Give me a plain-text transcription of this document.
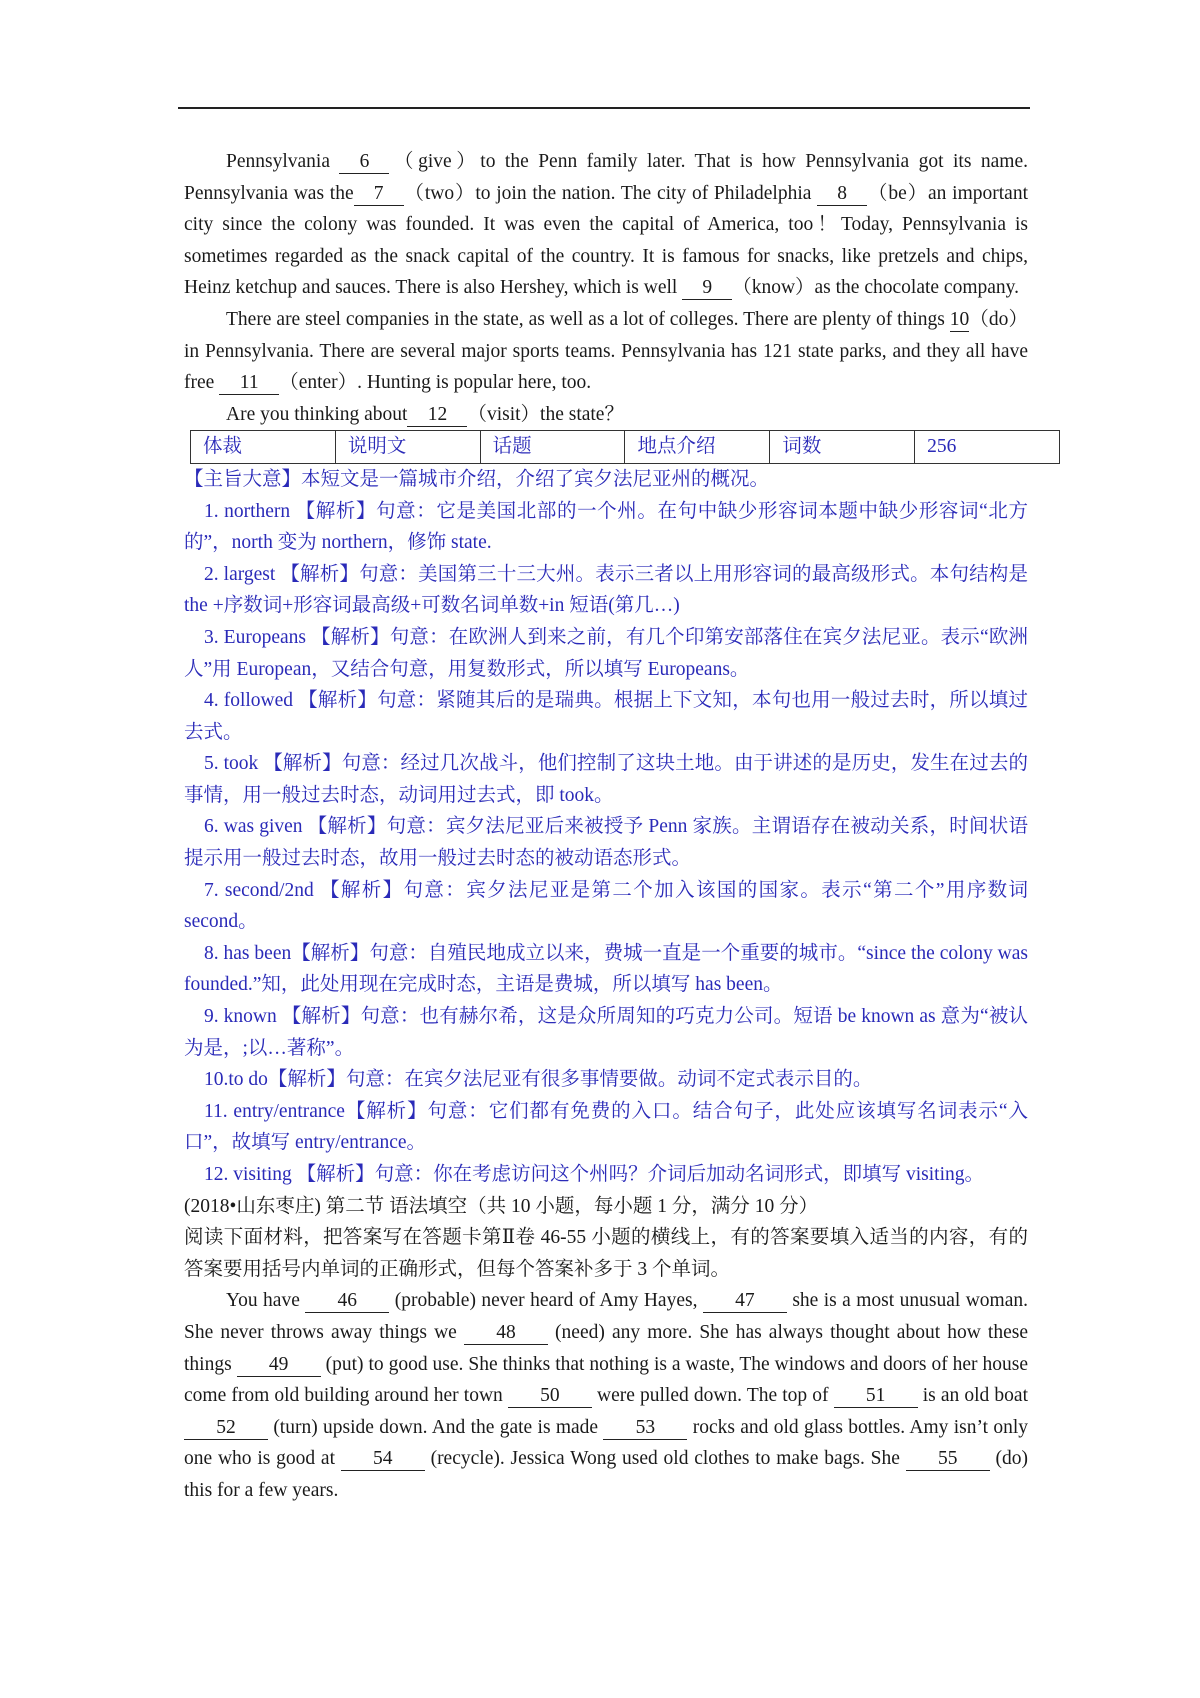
Pennsylvania 6 （give）to the Penn family later. That is how Pennsylvania got its name. Pennsylvania was the 7 （two）to join the nation. The city of Philadelphia 8 （be）an important city since the colony was founded. It was even the capital of America, too！Today, Pennsylvania is sometimes regarded as the snack capital of the country. It is famous for snacks, like pretzels and chips, Heinz ketchup and sauces. There is also Hershey, which is well 9 （know）as the chocolate company.

There are steel companies in the state, as well as a lot of colleges. There are plenty of things 10（do）in Pennsylvania. There are several major sports teams. Pennsylvania has 121 state parks, and they all have free 11 （enter）. Hunting is popular here, too.

Are you thinking about 12 （visit）the state？

体裁	说明文	话题	地点介绍	词数	256

【主旨大意】本短文是一篇城市介绍，介绍了宾夕法尼亚州的概况。

1. northern 【解析】句意：它是美国北部的一个州。在句中缺少形容词本题中缺少形容词“北方的”，north 变为 northern，修饰 state.

2. largest 【解析】句意：美国第三十三大州。表示三者以上用形容词的最高级形式。本句结构是 the +序数词+形容词最高级+可数名词单数+in 短语(第几…)

3. Europeans 【解析】句意：在欧洲人到来之前，有几个印第安部落住在宾夕法尼亚。表示“欧洲人”用 European，又结合句意，用复数形式，所以填写 Europeans。

4. followed 【解析】句意：紧随其后的是瑞典。根据上下文知，本句也用一般过去时，所以填过去式。

5. took 【解析】句意：经过几次战斗，他们控制了这块土地。由于讲述的是历史，发生在过去的事情，用一般过去时态，动词用过去式，即 took。

6. was given 【解析】句意：宾夕法尼亚后来被授予 Penn 家族。主谓语存在被动关系，时间状语提示用一般过去时态，故用一般过去时态的被动语态形式。

7. second/2nd 【解析】句意：宾夕法尼亚是第二个加入该国的国家。表示“第二个”用序数词 second。

8. has been【解析】句意：自殖民地成立以来，费城一直是一个重要的城市。“since the colony was founded.”知，此处用现在完成时态，主语是费城，所以填写 has been。

9. known 【解析】句意：也有赫尔希，这是众所周知的巧克力公司。短语 be known as 意为“被认为是，;以…著称”。

10.to do【解析】句意：在宾夕法尼亚有很多事情要做。动词不定式表示目的。

11. entry/entrance【解析】句意：它们都有免费的入口。结合句子，此处应该填写名词表示“入口”，故填写 entry/entrance。

12. visiting 【解析】句意：你在考虑访问这个州吗？介词后加动名词形式，即填写 visiting。

(2018•山东枣庄) 第二节 语法填空（共 10 小题，每小题 1 分，满分 10 分）

阅读下面材料，把答案写在答题卡第Ⅱ卷 46-55 小题的横线上，有的答案要填入适当的内容，有的答案要用括号内单词的正确形式，但每个答案补多于 3 个单词。

You have 46 (probable) never heard of Amy Hayes, 47 she is a most unusual woman. She never throws away things we 48 (need) any more. She has always thought about how these things 49 (put) to good use. She thinks that nothing is a waste, The windows and doors of her house come from old building around her town 50 were pulled down. The top of 51 is an old boat 52 (turn) upside down. And the gate is made 53 rocks and old glass bottles. Amy isn’t only one who is good at 54 (recycle). Jessica Wong used old clothes to make bags. She 55 (do) this for a few years.
